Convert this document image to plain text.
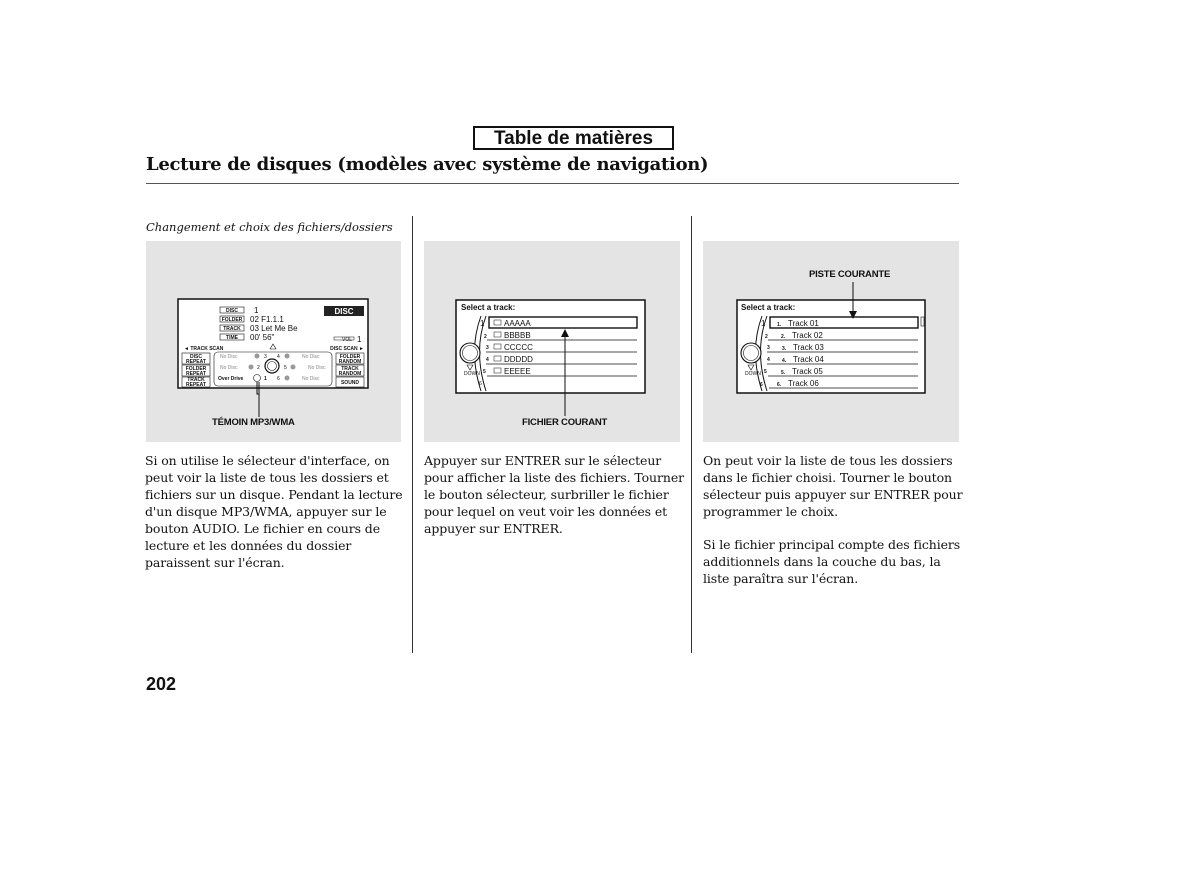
Table de matières
Lecture de disques (modèles avec système de navigation)
Changement et choix des fichiers/dossiers
DISC
FOLDER
TRACK
TIME
1
02 F1.1.1
03 Let Me Be
00' 56"
DISC
VOL 1
◄ TRACK SCAN	DISC SCAN ►
DISC
REPEAT
FOLDER
REPEAT
TRACK
REPEAT
FOLDER
RANDOM
TRACK
RANDOM
SOUND
No Disc	3 4	No Disc
No Disc	2	5	No Disc
Over Drive	1 6	No Disc
TÉMOIN MP3/WMA
Select a track:
AAAAA
BBBBB
CCCCC
DDDDD
EEEEE
1
2
3
4
5
6
DOWN
FICHIER COURANT
Select a track:
1. Track 01
2. Track 02
3. Track 03
4. Track 04
5. Track 05
6. Track 06
1
2
3
4
5
6
DOWN
PISTE COURANTE
Si on utilise le sélecteur d'interface, on peut voir la liste de tous les dossiers et fichiers sur un disque. Pendant la lecture d'un disque MP3/WMA, appuyer sur le bouton AUDIO. Le fichier en cours de lecture et les données du dossier paraissent sur l'écran.
Appuyer sur ENTRER sur le sélecteur pour afficher la liste des fichiers. Tourner le bouton sélecteur, surbriller le fichier pour lequel on veut voir les données et appuyer sur ENTRER.
On peut voir la liste de tous les dossiers dans le fichier choisi. Tourner le bouton sélecteur puis appuyer sur ENTRER pour programmer le choix.
Si le fichier principal compte des fichiers additionnels dans la couche du bas, la liste paraîtra sur l'écran.
202
